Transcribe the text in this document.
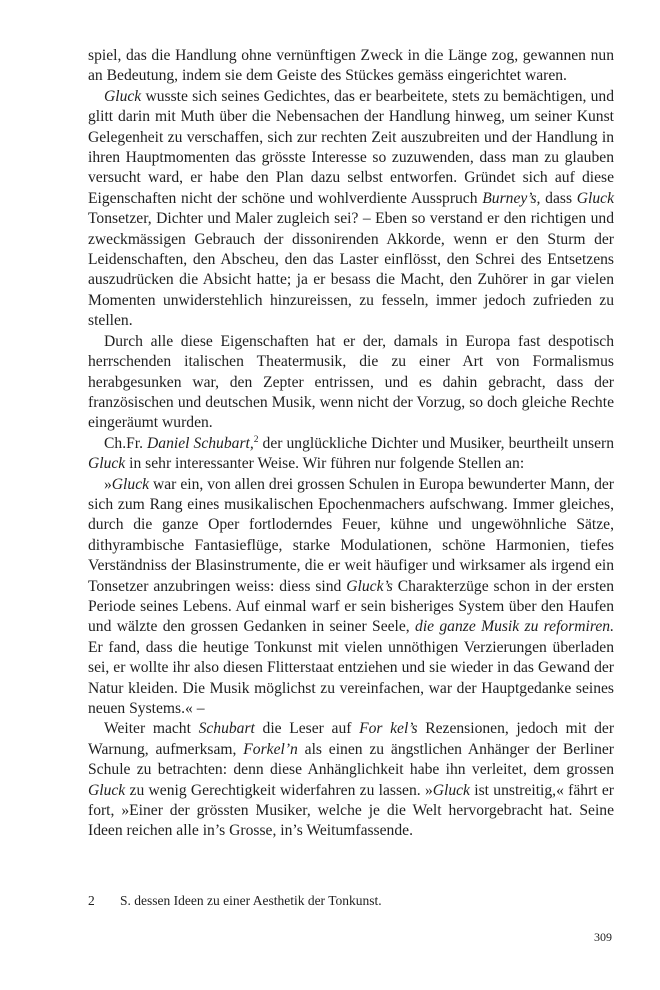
spiel, das die Handlung ohne vernünftigen Zweck in die Länge zog, gewannen nun an Bedeutung, indem sie dem Geiste des Stückes gemäss eingerichtet waren.

Gluck wusste sich seines Gedichtes, das er bearbeitete, stets zu bemächtigen, und glitt darin mit Muth über die Nebensachen der Handlung hinweg, um seiner Kunst Gelegenheit zu verschaffen, sich zur rechten Zeit auszubreiten und der Handlung in ihren Hauptmomenten das grösste Interesse so zuzuwenden, dass man zu glauben versucht ward, er habe den Plan dazu selbst entworfen. Gründet sich auf diese Eigenschaften nicht der schöne und wohlverdiente Ausspruch Burney’s, dass Gluck Tonsetzer, Dichter und Maler zugleich sei? – Eben so verstand er den richtigen und zweckmässigen Gebrauch der dissonirenden Akkorde, wenn er den Sturm der Leidenschaften, den Abscheu, den das Laster einflösst, den Schrei des Entsetzens auszudrücken die Absicht hatte; ja er besass die Macht, den Zuhörer in gar vielen Momenten unwiderstehlich hinzureissen, zu fesseln, immer jedoch zufrieden zu stellen.

Durch alle diese Eigenschaften hat er der, damals in Europa fast despotisch herrschenden italischen Theatermusik, die zu einer Art von Formalismus herabgesunken war, den Zepter entrissen, und es dahin gebracht, dass der französischen und deutschen Musik, wenn nicht der Vorzug, so doch gleiche Rechte eingeräumt wurden.

Ch.Fr. Daniel Schubart,$^2$ der unglückliche Dichter und Musiker, beurtheilt unsern Gluck in sehr interessanter Weise. Wir führen nur folgende Stellen an:

»Gluck war ein, von allen drei grossen Schulen in Europa bewunderter Mann, der sich zum Rang eines musikalischen Epochenmachers aufschwang. Immer gleiches, durch die ganze Oper fortloderndes Feuer, kühne und ungewöhnliche Sätze, dithyrambische Fantasieflüge, starke Modulationen, schöne Harmonien, tiefes Verständniss der Blasinstrumente, die er weit häufiger und wirksamer als irgend ein Tonsetzer anzubringen weiss: diess sind Gluck’s Charakterzüge schon in der ersten Periode seines Lebens. Auf einmal warf er sein bisheriges System über den Haufen und wälzte den grossen Gedanken in seiner Seele, die ganze Musik zu reformiren. Er fand, dass die heutige Tonkunst mit vielen unnöthigen Verzierungen überladen sei, er wollte ihr also diesen Flitterstaat entziehen und sie wieder in das Gewand der Natur kleiden. Die Musik möglichst zu vereinfachen, war der Hauptgedanke seines neuen Systems.« –

Weiter macht Schubart die Leser auf For kel’s Rezensionen, jedoch mit der Warnung, aufmerksam, Forkel’n als einen zu ängstlichen Anhänger der Berliner Schule zu betrachten: denn diese Anhänglichkeit habe ihn verleitet, dem grossen Gluck zu wenig Gerechtigkeit widerfahren zu lassen. »Gluck ist unstreitig,« fährt er fort, »Einer der grössten Musiker, welche je die Welt hervorgebracht hat. Seine Ideen reichen alle in’s Grosse, in’s Weitumfassende.

2 S. dessen Ideen zu einer Aesthetik der Tonkunst.
309
